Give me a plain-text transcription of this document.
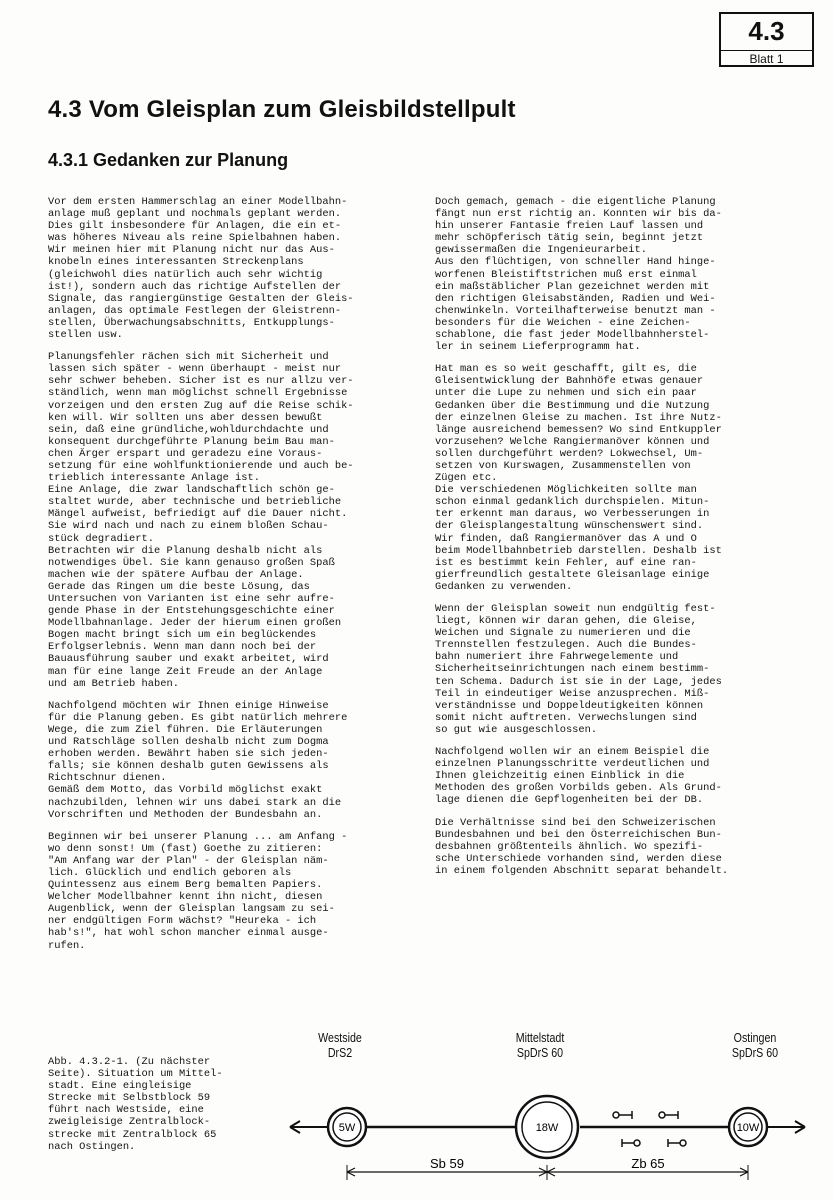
4.3
Blatt 1
4.3 Vom Gleisplan zum Gleisbildstellpult
4.3.1 Gedanken zur Planung

Vor dem ersten Hammerschlag an einer Modellbahn-
anlage muß geplant und nochmals geplant werden.
Dies gilt insbesondere für Anlagen, die ein et-
was höheres Niveau als reine Spielbahnen haben.
Wir meinen hier mit Planung nicht nur das Aus-
knobeln eines interessanten Streckenplans
(gleichwohl dies natürlich auch sehr wichtig
ist!), sondern auch das richtige Aufstellen der
Signale, das rangiergünstige Gestalten der Gleis-
anlagen, das optimale Festlegen der Gleistrenn-
stellen, Überwachungsabschnitts, Entkupplungs-
stellen usw.

Planungsfehler rächen sich mit Sicherheit und
lassen sich später - wenn überhaupt - meist nur
sehr schwer beheben. Sicher ist es nur allzu ver-
ständlich, wenn man möglichst schnell Ergebnisse
vorzeigen und den ersten Zug auf die Reise schik-
ken will. Wir sollten uns aber dessen bewußt
sein, daß eine gründliche,wohldurchdachte und
konsequent durchgeführte Planung beim Bau man-
chen Ärger erspart und geradezu eine Voraus-
setzung für eine wohlfunktionierende und auch be-
trieblich interessante Anlage ist.
Eine Anlage, die zwar landschaftlich schön ge-
staltet wurde, aber technische und betriebliche
Mängel aufweist, befriedigt auf die Dauer nicht.
Sie wird nach und nach zu einem bloßen Schau-
stück degradiert.
Betrachten wir die Planung deshalb nicht als
notwendiges Übel. Sie kann genauso großen Spaß
machen wie der spätere Aufbau der Anlage.
Gerade das Ringen um die beste Lösung, das
Untersuchen von Varianten ist eine sehr aufre-
gende Phase in der Entstehungsgeschichte einer
Modellbahnanlage. Jeder der hierum einen großen
Bogen macht bringt sich um ein beglückendes
Erfolgserlebnis. Wenn man dann noch bei der
Bauausführung sauber und exakt arbeitet, wird
man für eine lange Zeit Freude an der Anlage
und am Betrieb haben.

Nachfolgend möchten wir Ihnen einige Hinweise
für die Planung geben. Es gibt natürlich mehrere
Wege, die zum Ziel führen. Die Erläuterungen
und Ratschläge sollen deshalb nicht zum Dogma
erhoben werden. Bewährt haben sie sich jeden-
falls; sie können deshalb guten Gewissens als
Richtschnur dienen.
Gemäß dem Motto, das Vorbild möglichst exakt
nachzubilden, lehnen wir uns dabei stark an die
Vorschriften und Methoden der Bundesbahn an.

Beginnen wir bei unserer Planung ... am Anfang -
wo denn sonst! Um (fast) Goethe zu zitieren:
"Am Anfang war der Plan" - der Gleisplan näm-
lich. Glücklich und endlich geboren als
Quintessenz aus einem Berg bemalten Papiers.
Welcher Modellbahner kennt ihn nicht, diesen
Augenblick, wenn der Gleisplan langsam zu sei-
ner endgültigen Form wächst? "Heureka - ich
hab's!", hat wohl schon mancher einmal ausge-
rufen.

Doch gemach, gemach - die eigentliche Planung
fängt nun erst richtig an. Konnten wir bis da-
hin unserer Fantasie freien Lauf lassen und
mehr schöpferisch tätig sein, beginnt jetzt
gewissermaßen die Ingenieurarbeit.
Aus den flüchtigen, von schneller Hand hinge-
worfenen Bleistiftstrichen muß erst einmal
ein maßstäblicher Plan gezeichnet werden mit
den richtigen Gleisabständen, Radien und Wei-
chenwinkeln. Vorteilhafterweise benutzt man -
besonders für die Weichen - eine Zeichen-
schablone, die fast jeder Modellbahnherstel-
ler in seinem Lieferprogramm hat.

Hat man es so weit geschafft, gilt es, die
Gleisentwicklung der Bahnhöfe etwas genauer
unter die Lupe zu nehmen und sich ein paar
Gedanken über die Bestimmung und die Nutzung
der einzelnen Gleise zu machen. Ist ihre Nutz-
länge ausreichend bemessen? Wo sind Entkuppler
vorzusehen? Welche Rangiermanöver können und
sollen durchgeführt werden? Lokwechsel, Um-
setzen von Kurswagen, Zusammenstellen von
Zügen etc.
Die verschiedenen Möglichkeiten sollte man
schon einmal gedanklich durchspielen. Mitun-
ter erkennt man daraus, wo Verbesserungen in
der Gleisplangestaltung wünschenswert sind.
Wir finden, daß Rangiermanöver das A und O
beim Modellbahnbetrieb darstellen. Deshalb ist
ist es bestimmt kein Fehler, auf eine ran-
gierfreundlich gestaltete Gleisanlage einige
Gedanken zu verwenden.

Wenn der Gleisplan soweit nun endgültig fest-
liegt, können wir daran gehen, die Gleise,
Weichen und Signale zu numerieren und die
Trennstellen festzulegen. Auch die Bundes-
bahn numeriert ihre Fahrwegelemente und
Sicherheitseinrichtungen nach einem bestimm-
ten Schema. Dadurch ist sie in der Lage, jedes
Teil in eindeutiger Weise anzusprechen. Miß-
verständnisse und Doppeldeutigkeiten können
somit nicht auftreten. Verwechslungen sind
so gut wie ausgeschlossen.

Nachfolgend wollen wir an einem Beispiel die
einzelnen Planungsschritte verdeutlichen und
Ihnen gleichzeitig einen Einblick in die
Methoden des großen Vorbilds geben. Als Grund-
lage dienen die Gepflogenheiten bei der DB.

Die Verhältnisse sind bei den Schweizerischen
Bundesbahnen und bei den Österreichischen Bun-
desbahnen größtenteils ähnlich. Wo spezifi-
sche Unterschiede vorhanden sind, werden diese
in einem folgenden Abschnitt separat behandelt.

Abb. 4.3.2-1. (Zu nächster
Seite). Situation um Mittel-
stadt. Eine eingleisige
Strecke mit Selbstblock 59
führt nach Westside, eine
zweigleisige Zentralblock-
strecke mit Zentralblock 65
nach Ostingen.
Westside
DrS2
Mittelstadt
SpDrS 60
Ostingen
SpDrS 60
5W	18W	10W
Sb 59	Zb 65
